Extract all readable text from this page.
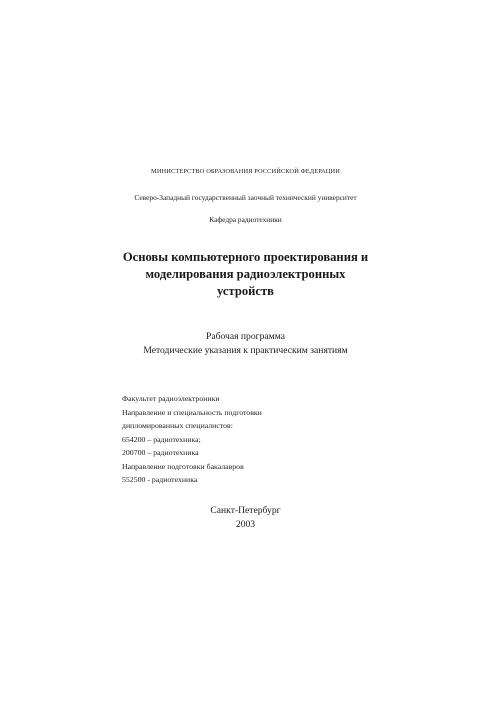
МИНИСТЕРСТВО ОБРАЗОВАНИЯ РОССИЙСКОЙ ФЕДЕРАЦИИ
Северо-Западный государственный заочный технический университет
Кафедра радиотехники
Основы компьютерного проектирования и
моделирования радиоэлектронных
устройств
Рабочая программа
Методические указания к практическим занятиям
Факультет радиоэлектроники
Направление и специальность подготовки
дипломированных специалистов:
654200 – радиотехника;
200700 – радиотехника
Направление подготовки бакалавров
552500 - радиотехника
Санкт-Петербург
2003
